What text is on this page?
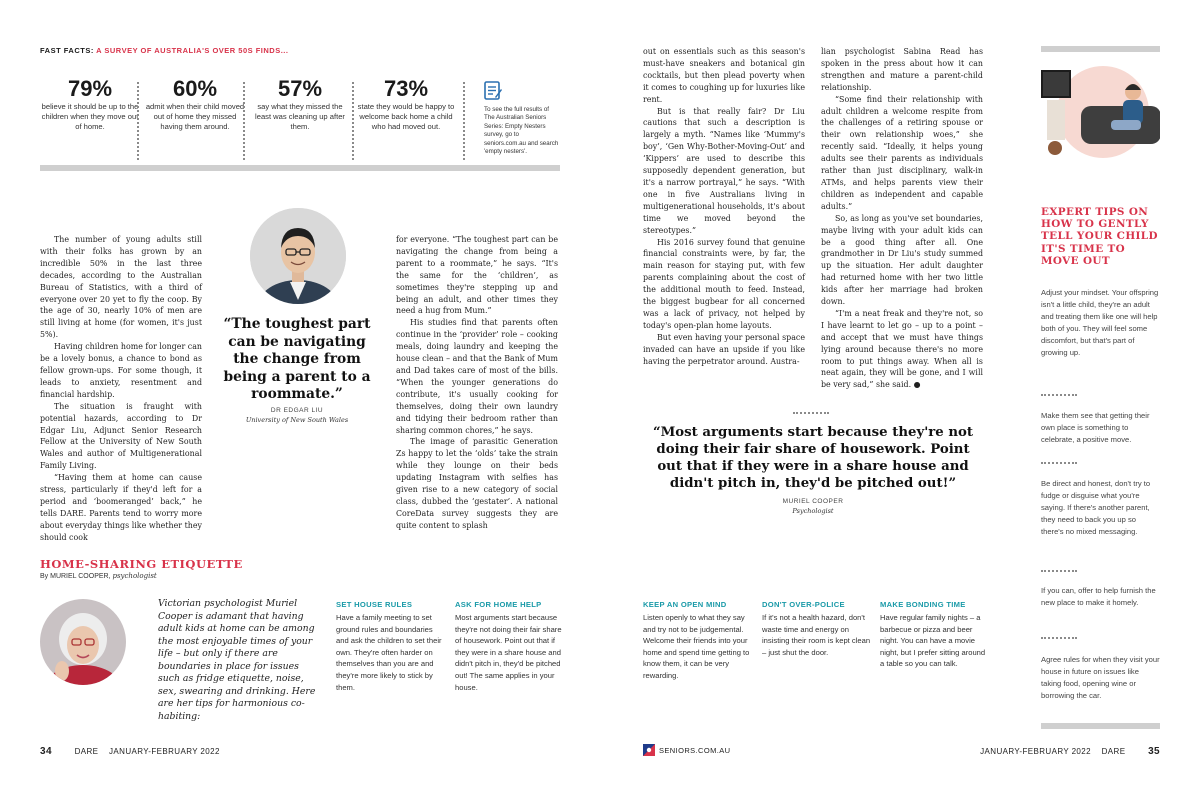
FAST FACTS: A SURVEY OF AUSTRALIA'S OVER 50S FINDS...
79%
believe it should be up to the children when they move out of home.
60%
admit when their child moved out of home they missed having them around.
57%
say what they missed the least was cleaning up after them.
73%
state they would be happy to welcome back home a child who had moved out.
To see the full results of The Australian Seniors Series: Empty Nesters survey, go to seniors.com.au and search 'empty nesters'.

The number of young adults still with their folks has grown by an incredible 50% in the last three decades, according to the Australian Bureau of Statistics, with a third of everyone over 20 yet to fly the coop. By the age of 30, nearly 10% of men are still living at home (for women, it's just 5%).

Having children home for longer can be a lovely bonus, a chance to bond as fellow grown-ups. For some though, it leads to anxiety, resentment and financial hardship.

The situation is fraught with potential hazards, according to Dr Edgar Liu, Adjunct Senior Research Fellow at the University of New South Wales and author of Multigenerational Family Living.

“Having them at home can cause stress, particularly if they'd left for a period and ‘boomeranged’ back,” he tells DARE. Parents tend to worry more about everyday things like whether they should cook

“The toughest part can be navigating the change from being a parent to a roommate.”
DR EDGAR LIU
University of New South Wales

for everyone. “The toughest part can be navigating the change from being a parent to a roommate,” he says. “It's the same for the ‘children’, as sometimes they're stepping up and being an adult, and other times they need a hug from Mum.”

His studies find that parents often continue in the ‘provider’ role – cooking meals, doing laundry and keeping the house clean – and that the Bank of Mum and Dad takes care of most of the bills. “When the younger generations do contribute, it's usually cooking for themselves, doing their own laundry and tidying their bedroom rather than sharing common chores,” he says.

The image of parasitic Generation Zs happy to let the ‘olds’ take the strain while they lounge on their beds updating Instagram with selfies has given rise to a new category of social class, dubbed the ‘gestater’. A national CoreData survey suggests they are quite content to splash

out on essentials such as this season's must-have sneakers and botanical gin cocktails, but then plead poverty when it comes to coughing up for luxuries like rent.

But is that really fair? Dr Liu cautions that such a description is largely a myth. “Names like ‘Mummy's boy’, ‘Gen Why-Bother-Moving-Out’ and ‘Kippers’ are used to describe this supposedly dependent generation, but it's a narrow portrayal,” he says. “With one in five Australians living in multigenerational households, it's about time we moved beyond the stereotypes.”

His 2016 survey found that genuine financial constraints were, by far, the main reason for staying put, with few parents complaining about the cost of the additional mouth to feed. Instead, the biggest bugbear for all concerned was a lack of privacy, not helped by today's open-plan home layouts.

But even having your personal space invaded can have an upside if you like having the perpetrator around. Austra-

lian psychologist Sabina Read has spoken in the press about how it can strengthen and mature a parent-child relationship.

“Some find their relationship with adult children a welcome respite from the challenges of a retiring spouse or their own relationship woes,” she recently said. “Ideally, it helps young adults see their parents as individuals rather than just disciplinary, walk-in ATMs, and helps parents view their children as independent and capable adults.”

So, as long as you've set boundaries, maybe living with your adult kids can be a good thing after all. One grandmother in Dr Liu's study summed up the situation. Her adult daughter had returned home with her two little kids after her marriage had broken down.

“I'm a neat freak and they're not, so I have learnt to let go – up to a point – and accept that we must have things lying around because there's no more room to put things away. When all is neat again, they will be gone, and I will be very sad,” she said. ●

“Most arguments start because they're not doing their fair share of housework. Point out that if they were in a share house and didn't pitch in, they'd be pitched out!”
MURIEL COOPER
Psychologist
HOME-SHARING ETIQUETTE
By MURIEL COOPER, psychologist
Victorian psychologist Muriel Cooper is adamant that having adult kids at home can be among the most enjoyable times of your life – but only if there are boundaries in place for issues such as fridge etiquette, noise, sex, swearing and drinking. Here are her tips for harmonious co-habiting:
SET HOUSE RULES
Have a family meeting to set ground rules and boundaries and ask the children to set their own. They're often harder on themselves than you are and they're more likely to stick by them.
ASK FOR HOME HELP
Most arguments start because they're not doing their fair share of housework. Point out that if they were in a share house and didn't pitch in, they'd be pitched out! The same applies in your house.
KEEP AN OPEN MIND
Listen openly to what they say and try not to be judgemental. Welcome their friends into your home and spend time getting to know them, it can be very rewarding.
DON'T OVER-POLICE
If it's not a health hazard, don't waste time and energy on insisting their room is kept clean – just shut the door.
MAKE BONDING TIME
Have regular family nights – a barbecue or pizza and beer night. You can have a movie night, but I prefer sitting around a table so you can talk.
EXPERT TIPS ON HOW TO GENTLY TELL YOUR CHILD IT'S TIME TO MOVE OUT
Adjust your mindset. Your offspring isn't a little child, they're an adult and treating them like one will help both of you. They will feel some discomfort, but that's part of growing up.
Make them see that getting their own place is something to celebrate, a positive move.
Be direct and honest, don't try to fudge or disguise what you're saying. If there's another parent, they need to back you up so there's no mixed messaging.
If you can, offer to help furnish the new place to make it homely.
Agree rules for when they visit your house in future on issues like taking food, opening wine or borrowing the car.
34	DARE JANUARY-FEBRUARY 2022	SENIORS.COM.AU	JANUARY-FEBRUARY 2022 DARE 35
